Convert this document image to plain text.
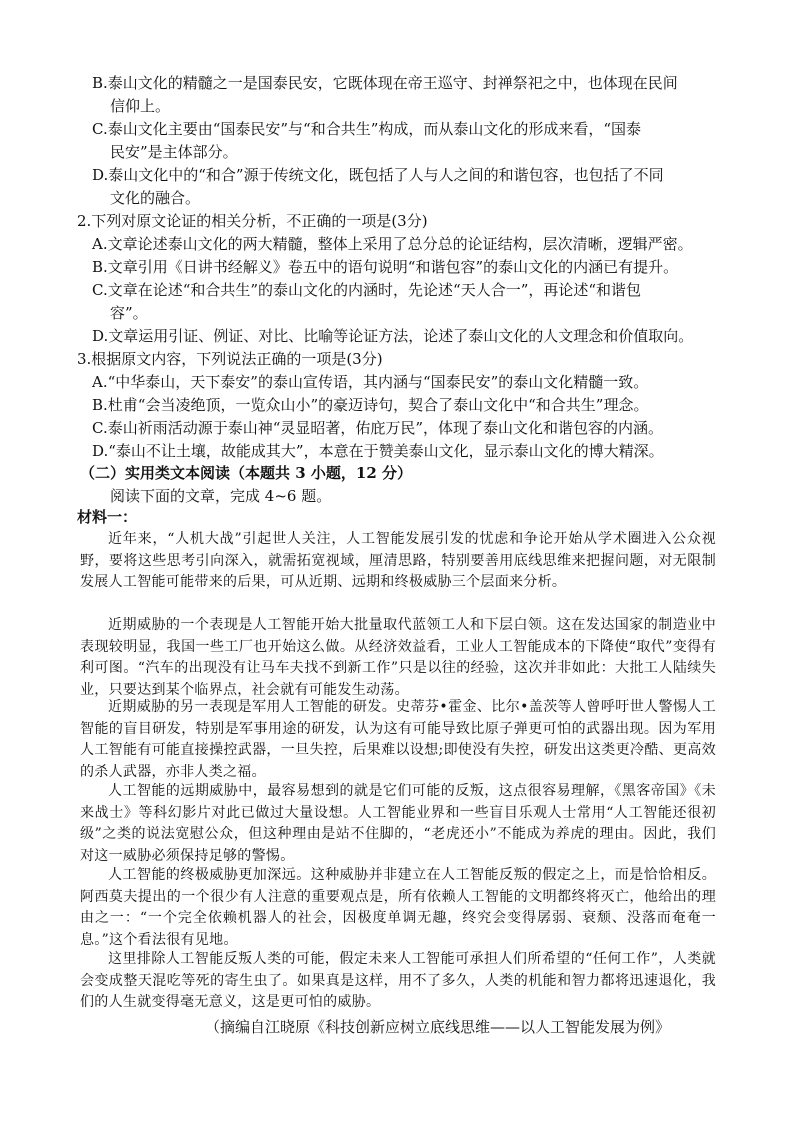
B.泰山文化的精髓之一是国泰民安，它既体现在帝王巡守、封禅祭祀之中，也体现在民间
信仰上。
C.泰山文化主要由“国泰民安”与“和合共生”构成，而从泰山文化的形成来看，“国泰
民安”是主体部分。
D.泰山文化中的“和合”源于传统文化，既包括了人与人之间的和谐包容，也包括了不同
文化的融合。
2.下列对原文论证的相关分析，不正确的一项是(3分)
A.文章论述泰山文化的两大精髓，整体上采用了总分总的论证结构，层次清晰，逻辑严密。
B.文章引用《日讲书经解义》卷五中的语句说明“和谐包容”的泰山文化的内涵已有提升。
C.文章在论述“和合共生”的泰山文化的内涵时，先论述“天人合一”，再论述“和谐包
容”。
D.文章运用引证、例证、对比、比喻等论证方法，论述了泰山文化的人文理念和价值取向。
3.根据原文内容，下列说法正确的一项是(3分)
A.“中华泰山，天下泰安”的泰山宣传语，其内涵与“国泰民安”的泰山文化精髓一致。
B.杜甫“会当凌绝顶，一览众山小”的豪迈诗句，契合了泰山文化中“和合共生”理念。
C.泰山祈雨活动源于泰山神“灵显昭著，佑庇万民”，体现了泰山文化和谐包容的内涵。
D.“泰山不让土壤，故能成其大”，本意在于赞美泰山文化，显示泰山文化的博大精深。
（二）实用类文本阅读（本题共 3 小题，12 分）
阅读下面的文章，完成 4~6 题。
材料一：
近年来，“人机大战”引起世人关注，人工智能发展引发的忧虑和争论开始从学术圈进入公众视野，要将这些思考引向深入，就需拓宽视域，厘清思路，特别要善用底线思维来把握问题，对无限制发展人工智能可能带来的后果，可从近期、远期和终极威胁三个层面来分析。
近期威胁的一个表现是人工智能开始大批量取代蓝领工人和下层白领。这在发达国家的制造业中表现较明显，我国一些工厂也开始这么做。从经济效益看，工业人工智能成本的下降使“取代”变得有利可图。“汽车的出现没有让马车夫找不到新工作”只是以往的经验，这次并非如此：大批工人陆续失业，只要达到某个临界点，社会就有可能发生动荡。
近期威胁的另一表现是军用人工智能的研发。史蒂芬•霍金、比尔•盖茨等人曾呼吁世人警惕人工智能的盲目研发，特别是军事用途的研发，认为这有可能导致比原子弹更可怕的武器出现。因为军用人工智能有可能直接操控武器，一旦失控，后果难以设想;即使没有失控，研发出这类更冷酷、更高效的杀人武器，亦非人类之福。
人工智能的远期威胁中，最容易想到的就是它们可能的反叛，这点很容易理解，《黑客帝国》《未来战士》等科幻影片对此已做过大量设想。人工智能业界和一些盲目乐观人士常用“人工智能还很初级”之类的说法宽慰公众，但这种理由是站不住脚的，“老虎还小”不能成为养虎的理由。因此，我们对这一威胁必须保持足够的警惕。
人工智能的终极威胁更加深远。这种威胁并非建立在人工智能反叛的假定之上，而是恰恰相反。阿西莫夫提出的一个很少有人注意的重要观点是，所有依赖人工智能的文明都终将灭亡，他给出的理由之一：“一个完全依赖机器人的社会，因极度单调无趣，终究会变得孱弱、衰颓、没落而奄奄一息。”这个看法很有见地。
这里排除人工智能反叛人类的可能，假定未来人工智能可承担人们所希望的“任何工作”，人类就会变成整天混吃等死的寄生虫了。如果真是这样，用不了多久，人类的机能和智力都将迅速退化，我们的人生就变得毫无意义，这是更可怕的威胁。
（摘编自江晓原《科技创新应树立底线思维——以人工智能发展为例》
